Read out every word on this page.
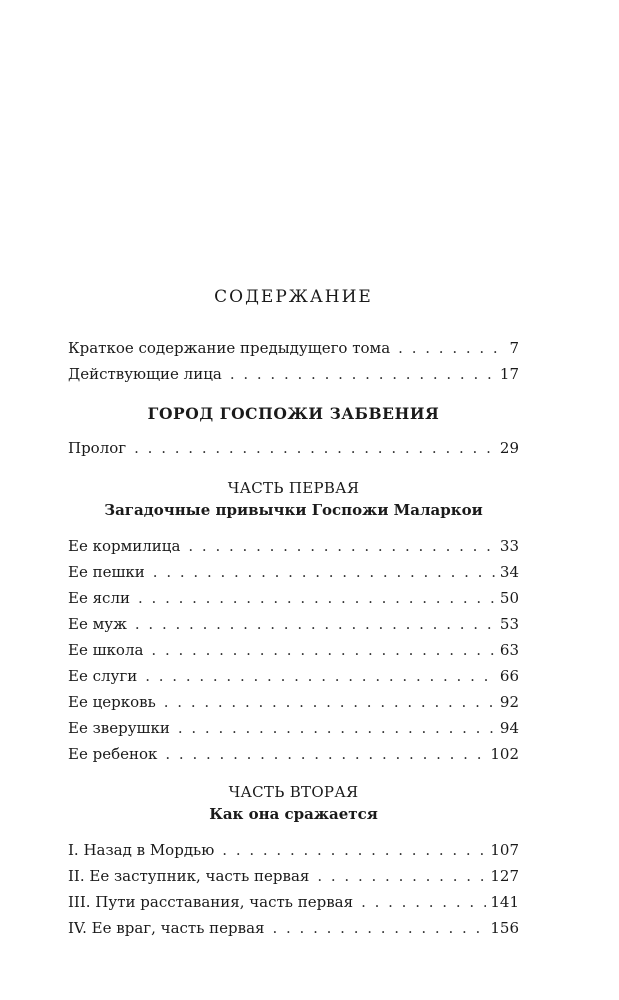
СОДЕРЖАНИЕ
Краткое содержание предыдущего тома . . .	7
Действующие лица . . .	17
ГОРОД ГОСПОЖИ ЗАБВЕНИЯ
Пролог . . .	29
ЧАСТЬ ПЕРВАЯ
Загадочные привычки Госпожи Маларкои
Ее кормилица . . .	33
Ее пешки . . .	34
Ее ясли . . .	50
Ее муж . . .	53
Ее школа . . .	63
Ее слуги . . .	66
Ее церковь . . .	92
Ее зверушки . . .	94
Ее ребенок . . .	102
ЧАСТЬ ВТОРАЯ
Как она сражается
I. Назад в Мордью . . .	107
II. Ее заступник, часть первая . . .	127
III. Пути расставания, часть первая . . .	141
IV. Ее враг, часть первая . . .	156
